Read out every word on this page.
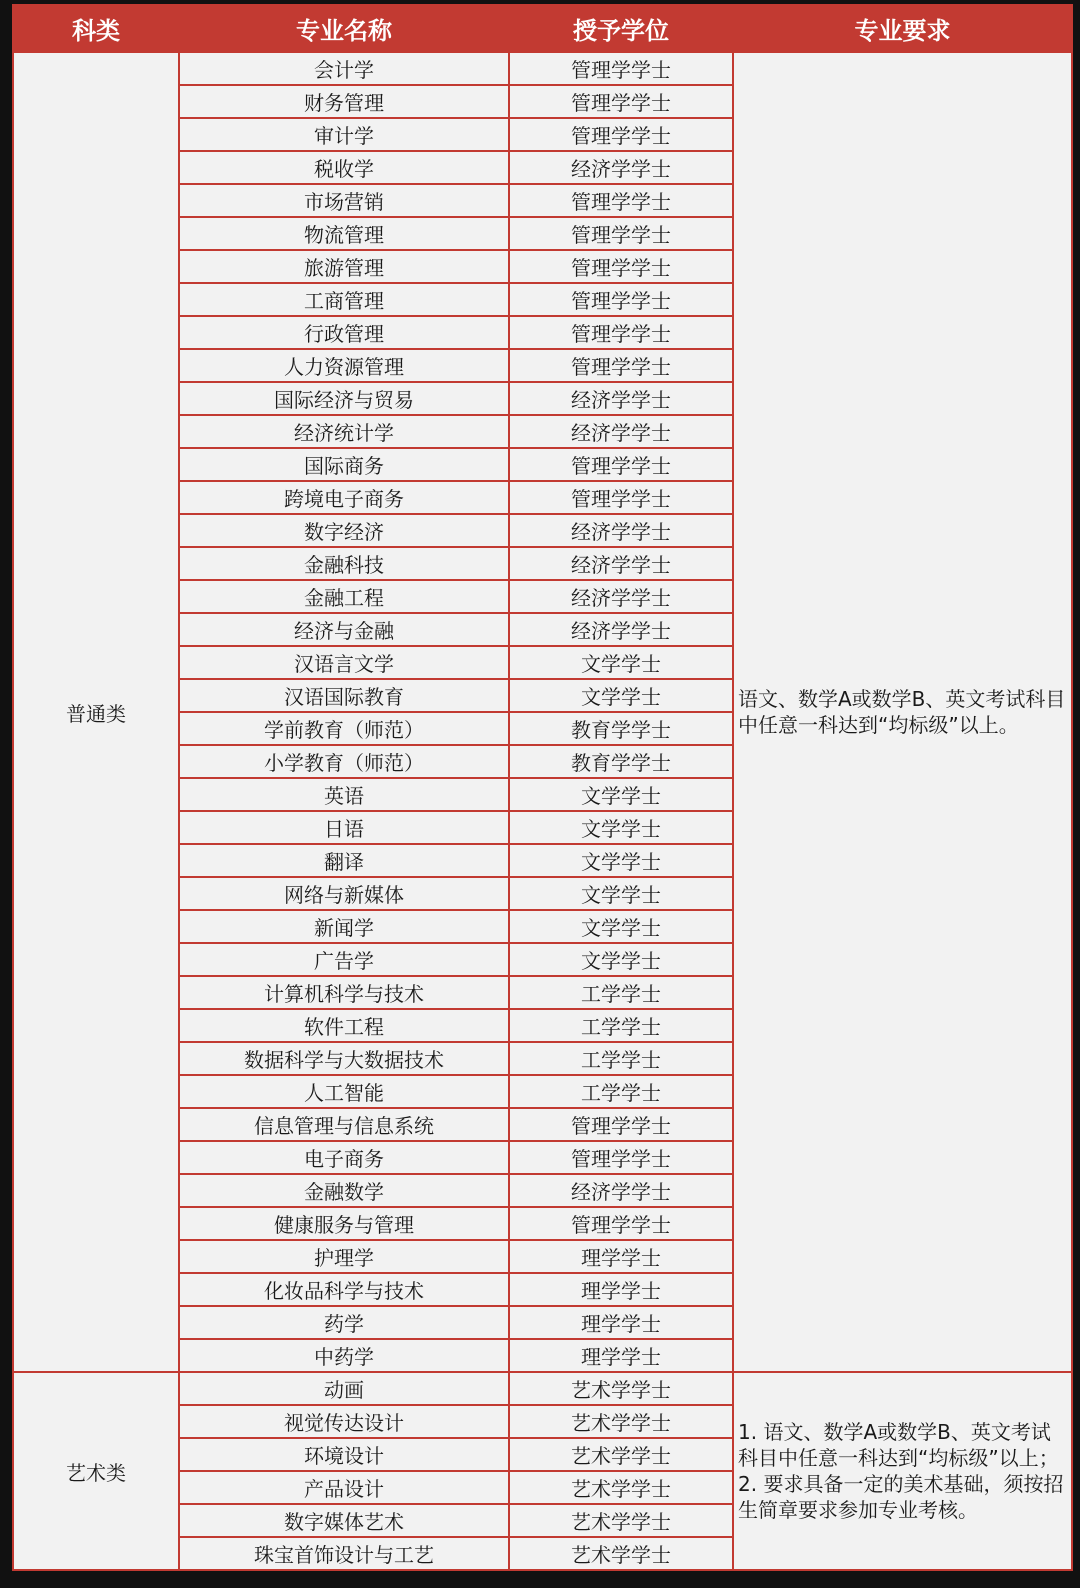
科类	专业名称	授予学位	专业要求
普通类	会计学	管理学学士	语文、数学A或数学B、英文考试科目中任意一科达到“均标级”以上。
	财务管理	管理学学士	
	审计学	管理学学士	
	税收学	经济学学士	
	市场营销	管理学学士	
	物流管理	管理学学士	
	旅游管理	管理学学士	
	工商管理	管理学学士	
	行政管理	管理学学士	
	人力资源管理	管理学学士	
	国际经济与贸易	经济学学士	
	经济统计学	经济学学士	
	国际商务	管理学学士	
	跨境电子商务	管理学学士	
	数字经济	经济学学士	
	金融科技	经济学学士	
	金融工程	经济学学士	
	经济与金融	经济学学士	
	汉语言文学	文学学士	
	汉语国际教育	文学学士	
	学前教育（师范）	教育学学士	
	小学教育（师范）	教育学学士	
	英语	文学学士	
	日语	文学学士	
	翻译	文学学士	
	网络与新媒体	文学学士	
	新闻学	文学学士	
	广告学	文学学士	
	计算机科学与技术	工学学士	
	软件工程	工学学士	
	数据科学与大数据技术	工学学士	
	人工智能	工学学士	
	信息管理与信息系统	管理学学士	
	电子商务	管理学学士	
	金融数学	经济学学士	
	健康服务与管理	管理学学士	
	护理学	理学学士	
	化妆品科学与技术	理学学士	
	药学	理学学士	
	中药学	理学学士	
艺术类	动画	艺术学学士	1. 语文、数学A或数学B、英文考试科目中任意一科达到“均标级”以上；
2. 要求具备一定的美术基础，须按招生简章要求参加专业考核。
	视觉传达设计	艺术学学士	
	环境设计	艺术学学士	
	产品设计	艺术学学士	
	数字媒体艺术	艺术学学士	
	珠宝首饰设计与工艺	艺术学学士	
